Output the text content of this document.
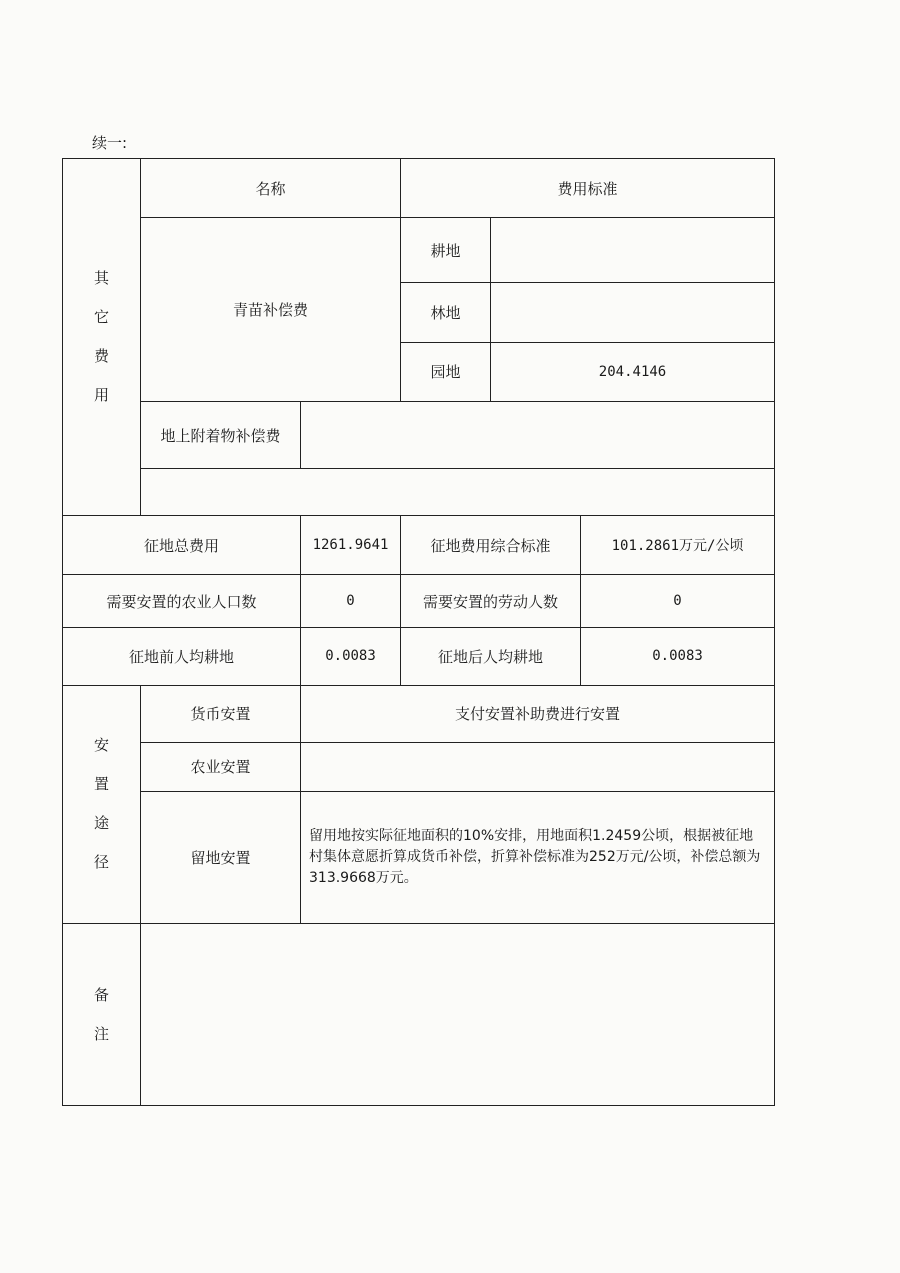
续一:
其
它
费
用	名称		费用标准		
	青苗补偿费		耕地		
			林地		
			园地	204.4146	
	地上附着物补偿费				

征地总费用		1261.9641	征地费用综合标准		101.2861万元/公顷
需要安置的农业人口数		0	需要安置的劳动人数		0
征地前人均耕地		0.0083	征地后人均耕地		0.0083

安
置
途
径	货币安置	支付安置补助费进行安置			
	农业安置				
	留地安置	留用地按实际征地面积的10%安排，用地面积1.2459公顷，根据被征地村集体意愿折算成货币补偿，折算补偿标准为252万元/公顷，补偿总额为313.9668万元。			

备
注					
